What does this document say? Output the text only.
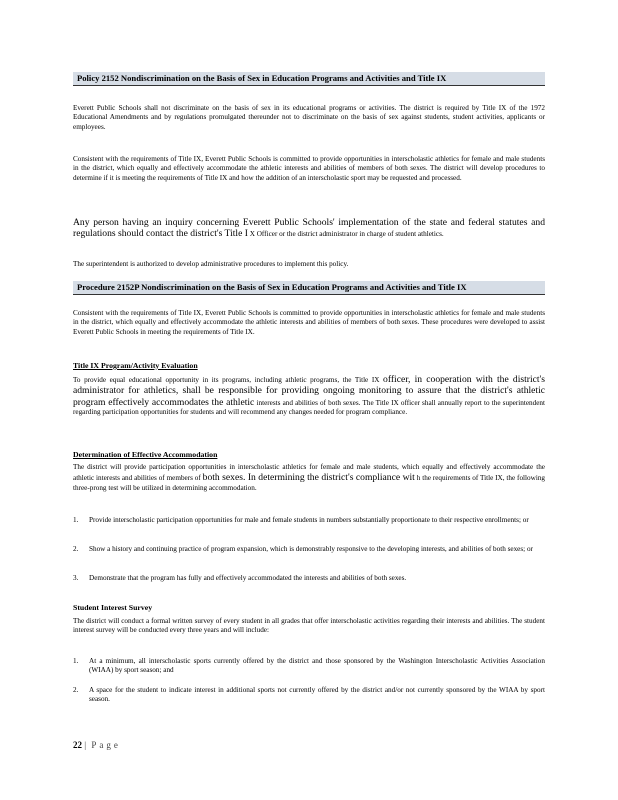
Policy 2152 Nondiscrimination on the Basis of Sex in Education Programs and Activities and Title IX
Everett Public Schools shall not discriminate on the basis of sex in its educational programs or activities. The district is required by Title IX of the 1972 Educational Amendments and by regulations promulgated thereunder not to discriminate on the basis of sex against students, student activities, applicants or employees.
Consistent with the requirements of Title IX, Everett Public Schools is committed to provide opportunities in interscholastic athletics for female and male students in the district, which equally and effectively accommodate the athletic interests and abilities of members of both sexes. The district will develop procedures to determine if it is meeting the requirements of Title IX and how the addition of an interscholastic sport may be requested and processed.
Any person having an inquiry concerning Everett Public Schools' implementation of the state and federal statutes and regulations should contact the district's Title I X Officer or the district administrator in charge of student athletics.
The superintendent is authorized to develop administrative procedures to implement this policy.
Procedure 2152P Nondiscrimination on the Basis of Sex in Education Programs and Activities and Title IX
Consistent with the requirements of Title IX, Everett Public Schools is committed to provide opportunities in interscholastic athletics for female and male students in the district, which equally and effectively accommodate the athletic interests and abilities of members of both sexes. These procedures were developed to assist Everett Public Schools in meeting the requirements of Title IX.
Title IX Program/Activity Evaluation
To provide equal educational opportunity in its programs, including athletic programs, the Title IX officer, in cooperation with the district's administrator for athletics, shall be responsible for providing ongoing monitoring to assure that the district's athletic program effectively accommodates the athletic interests and abilities of both sexes. The Title IX officer shall annually report to the superintendent regarding participation opportunities for students and will recommend any changes needed for program compliance.
Determination of Effective Accommodation
The district will provide participation opportunities in interscholastic athletics for female and male students, which equally and effectively accommodate the athletic interests and abilities of members of both sexes. In determining the district's compliance wit h the requirements of Title IX, the following three-prong test will be utilized in determining accommodation.
1.	Provide interscholastic participation opportunities for male and female students in numbers substantially proportionate to their respective enrollments; or
2.	Show a history and continuing practice of program expansion, which is demonstrably responsive to the developing interests, and abilities of both sexes; or
3.	Demonstrate that the program has fully and effectively accommodated the interests and abilities of both sexes.
Student Interest Survey
The district will conduct a formal written survey of every student in all grades that offer interscholastic activities regarding their interests and abilities. The student interest survey will be conducted every three years and will include:
1.	At a minimum, all interscholastic sports currently offered by the district and those sponsored by the Washington Interscholastic Activities Association (WIAA) by sport season; and
2.	A space for the student to indicate interest in additional sports not currently offered by the district and/or not currently sponsored by the WIAA by sport season.
22 | Page
